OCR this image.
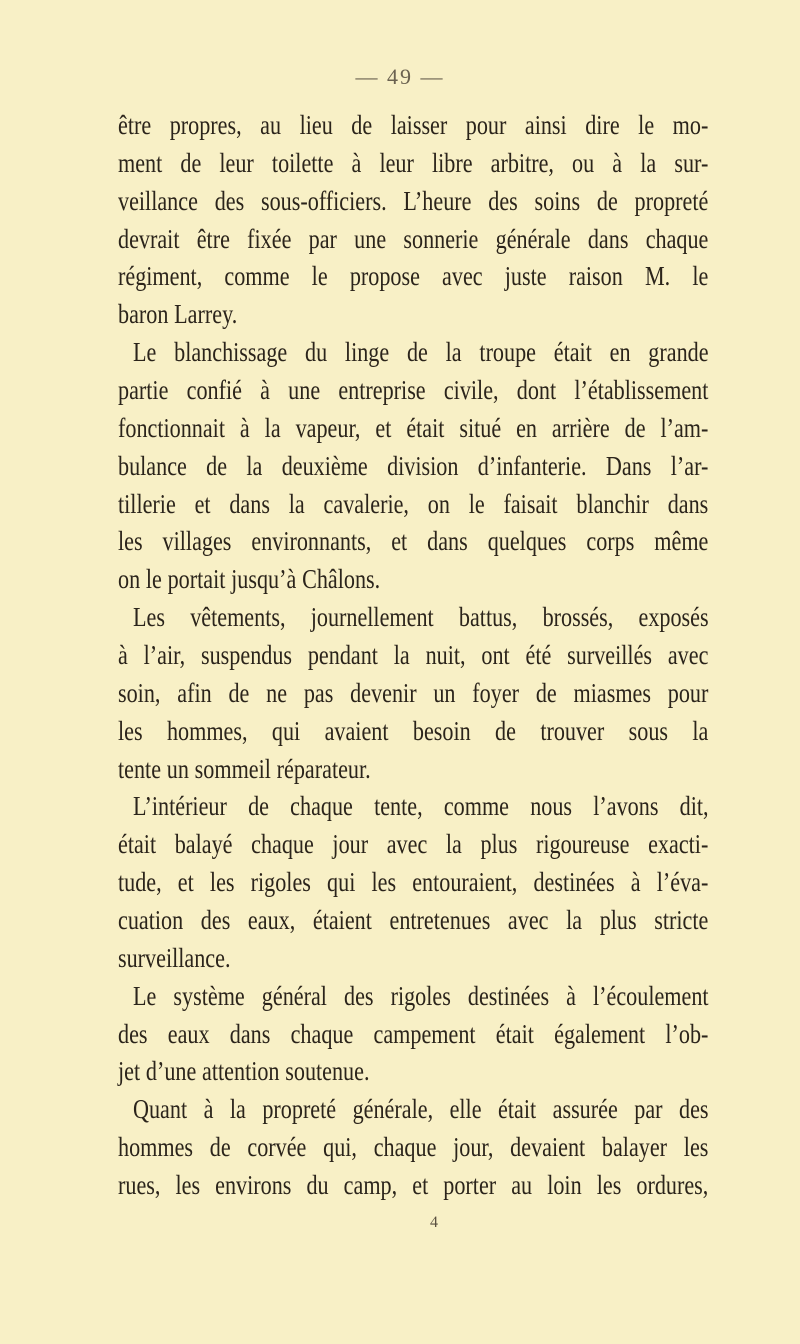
— 49 —
être propres, au lieu de laisser pour ainsi dire le mo-
ment de leur toilette à leur libre arbitre, ou à la sur-
veillance des sous-officiers. L’heure des soins de propreté
devrait être fixée par une sonnerie générale dans chaque
régiment, comme le propose avec juste raison M. le
baron Larrey.
Le blanchissage du linge de la troupe était en grande
partie confié à une entreprise civile, dont l’établissement
fonctionnait à la vapeur, et était situé en arrière de l’am-
bulance de la deuxième division d’infanterie. Dans l’ar-
tillerie et dans la cavalerie, on le faisait blanchir dans
les villages environnants, et dans quelques corps même
on le portait jusqu’à Châlons.
Les vêtements, journellement battus, brossés, exposés
à l’air, suspendus pendant la nuit, ont été surveillés avec
soin, afin de ne pas devenir un foyer de miasmes pour
les hommes, qui avaient besoin de trouver sous la
tente un sommeil réparateur.
L’intérieur de chaque tente, comme nous l’avons dit,
était balayé chaque jour avec la plus rigoureuse exacti-
tude, et les rigoles qui les entouraient, destinées à l’éva-
cuation des eaux, étaient entretenues avec la plus stricte
surveillance.
Le système général des rigoles destinées à l’écoulement
des eaux dans chaque campement était également l’ob-
jet d’une attention soutenue.
Quant à la propreté générale, elle était assurée par des
hommes de corvée qui, chaque jour, devaient balayer les
rues, les environs du camp, et porter au loin les ordures,
4
